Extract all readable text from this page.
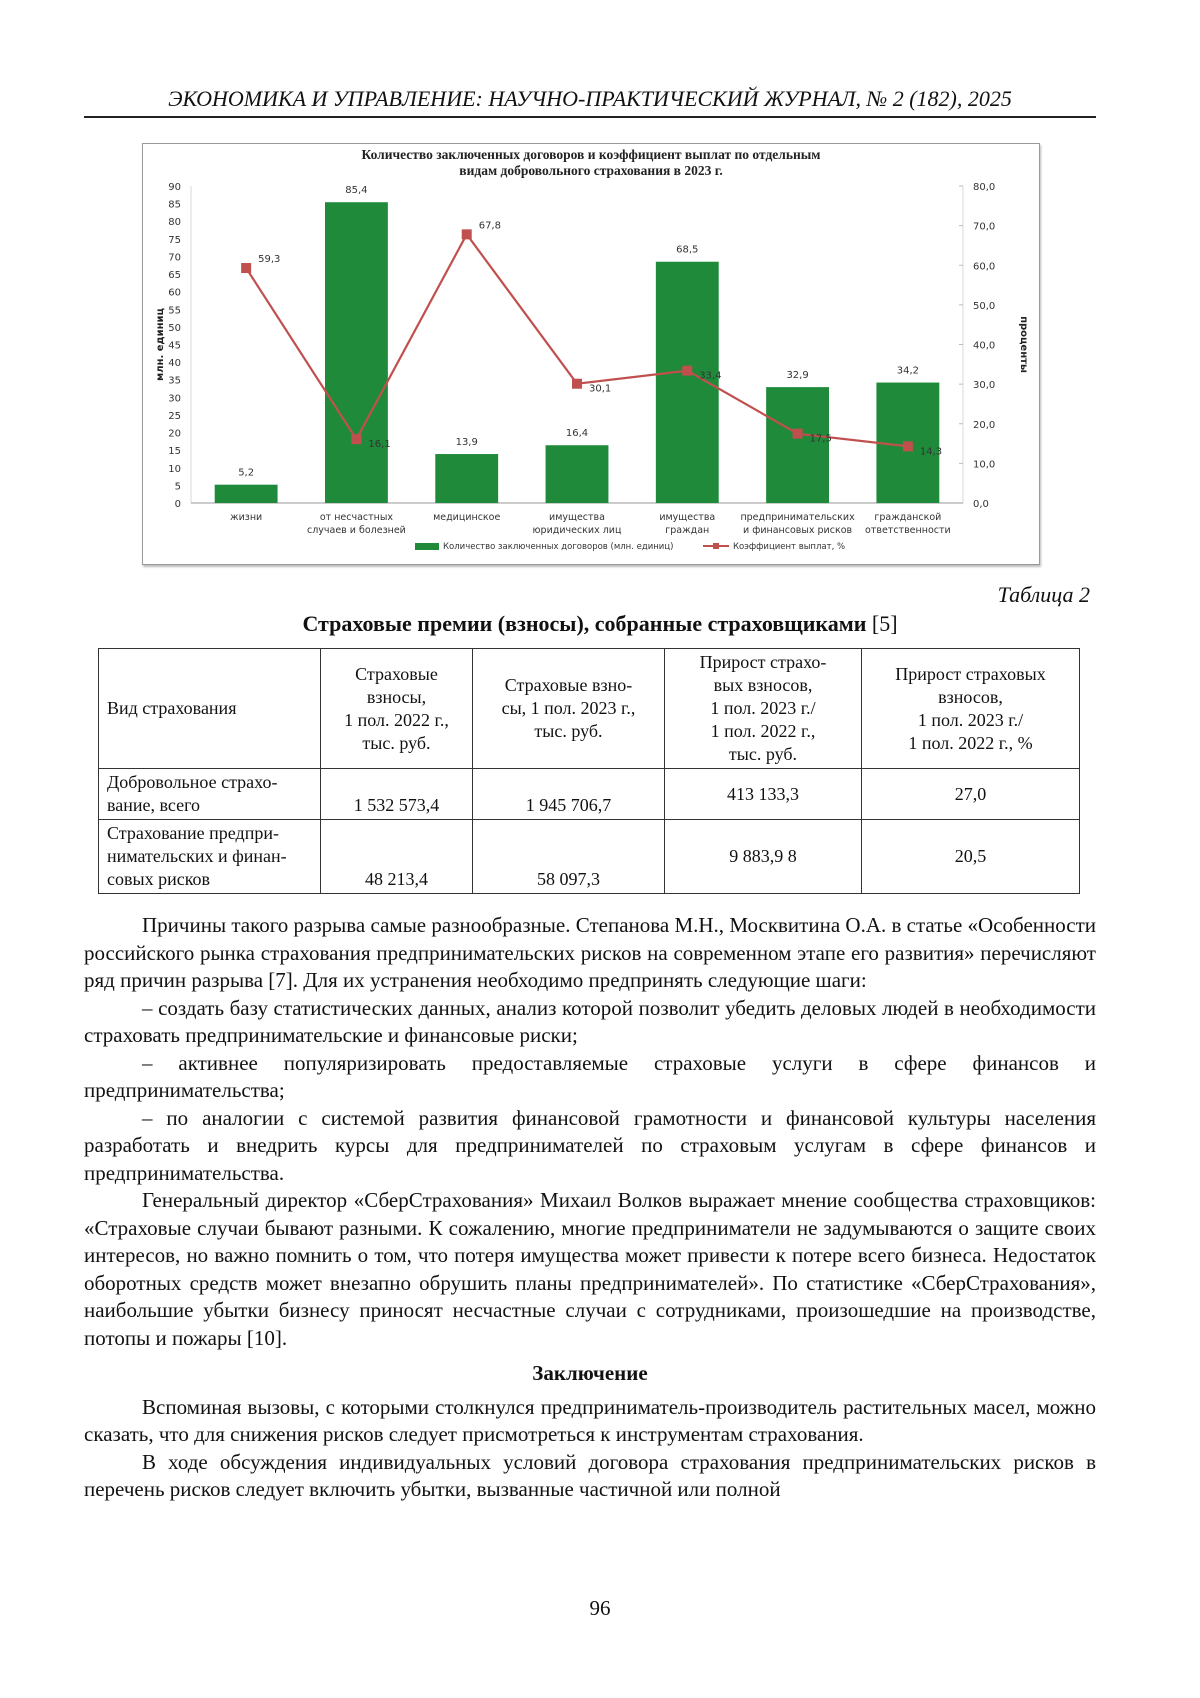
ЭКОНОМИКА И УПРАВЛЕНИЕ: НАУЧНО-ПРАКТИЧЕСКИЙ ЖУРНАЛ, № 2 (182), 2025
Количество заключенных договоров и коэффициент выплат по отдельным
видам добровольного страхования в 2023 г.
0
5
10
15
20
25
30
35
40
45
50
55
60
65
70
75
80
85
90
млн. единиц
0,0
10,0
20,0
30,0
40,0
50,0
60,0
70,0
80,0
проценты
5,2
85,4
13,9
16,4
68,5
32,9	34,2
жизни	от несчастных
случаев и болезней
медицинское	имущества
юридических лиц
имущества
граждан
предпринимательских
и финансовых рисков
гражданской
ответственности
59,3
16,1
67,8
30,1
33,4
17,5
14,3
Количество заключенных договоров (млн. единиц)	Коэффициент выплат, %
Таблица 2
Страховые премии (взносы), собранные страховщиками [5]
Вид страхования	Страховые
взносы,
1 пол. 2022 г.,
тыс. руб.	Страховые взно-
сы, 1 пол. 2023 г.,
тыс. руб.	Прирост страхо-
вых взносов,
1 пол. 2023 г./
1 пол. 2022 г.,
тыс. руб.	Прирост страховых
взносов,
1 пол. 2023 г./
1 пол. 2022 г., %
Добровольное страхо-
вание, всего	1 532 573,4	1 945 706,7	413 133,3	27,0
Страхование предпри-
нимательских и финан-
совых рисков	48 213,4	58 097,3	9 883,9 8	20,5

Причины такого разрыва самые разнообразные. Степанова М.Н., Москвитина О.А. в статье «Особенности российского рынка страхования предпринимательских рисков на современном этапе его развития» перечисляют ряд причин разрыва [7]. Для их устранения необходимо предпринять следующие шаги:

– создать базу статистических данных, анализ которой позволит убедить деловых людей в необходимости страховать предпринимательские и финансовые риски;

– активнее популяризировать предоставляемые страховые услуги в сфере финансов и предпринимательства;

– по аналогии с системой развития финансовой грамотности и финансовой культуры населения разработать и внедрить курсы для предпринимателей по страховым услугам в сфере финансов и предпринимательства.

Генеральный директор «СберСтрахования» Михаил Волков выражает мнение сообщества страховщиков: «Страховые случаи бывают разными. К сожалению, многие предприниматели не задумываются о защите своих интересов, но важно помнить о том, что потеря имущества может привести к потере всего бизнеса. Недостаток оборотных средств может внезапно обрушить планы предпринимателей». По статистике «СберСтрахования», наибольшие убытки бизнесу приносят несчастные случаи с сотрудниками, произошедшие на производстве, потопы и пожары [10].

Заключение

Вспоминая вызовы, с которыми столкнулся предприниматель-производитель растительных масел, можно сказать, что для снижения рисков следует присмотреться к инструментам страхования.

В ходе обсуждения индивидуальных условий договора страхования предпринимательских рисков в перечень рисков следует включить убытки, вызванные частичной или полной

96
